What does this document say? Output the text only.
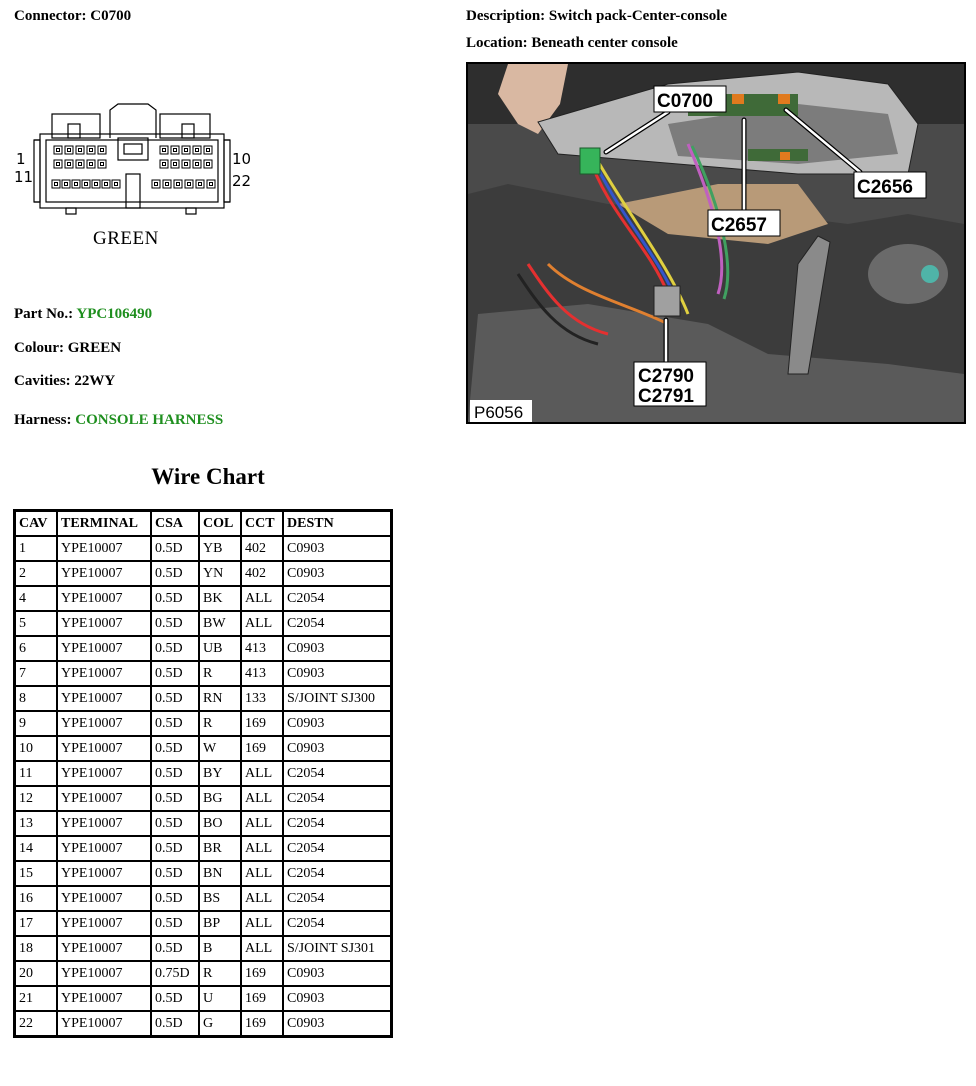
Connector: C0700	Description: Switch pack-Center-console
Location: Beneath center console
1
11
10
22
GREEN
Part No.: YPC106490
Colour: GREEN
Cavities: 22WY
Harness: CONSOLE HARNESS
C0700
C2656
C2657
C2790
C2791
P6056
Wire Chart
CAV	TERMINAL	CSA	COL	CCT	DESTN
1	YPE10007	0.5D	YB	402	C0903
2	YPE10007	0.5D	YN	402	C0903
4	YPE10007	0.5D	BK	ALL	C2054
5	YPE10007	0.5D	BW	ALL	C2054
6	YPE10007	0.5D	UB	413	C0903
7	YPE10007	0.5D	R	413	C0903
8	YPE10007	0.5D	RN	133	S/JOINT SJ300
9	YPE10007	0.5D	R	169	C0903
10	YPE10007	0.5D	W	169	C0903
11	YPE10007	0.5D	BY	ALL	C2054
12	YPE10007	0.5D	BG	ALL	C2054
13	YPE10007	0.5D	BO	ALL	C2054
14	YPE10007	0.5D	BR	ALL	C2054
15	YPE10007	0.5D	BN	ALL	C2054
16	YPE10007	0.5D	BS	ALL	C2054
17	YPE10007	0.5D	BP	ALL	C2054
18	YPE10007	0.5D	B	ALL	S/JOINT SJ301
20	YPE10007	0.75D	R	169	C0903
21	YPE10007	0.5D	U	169	C0903
22	YPE10007	0.5D	G	169	C0903
